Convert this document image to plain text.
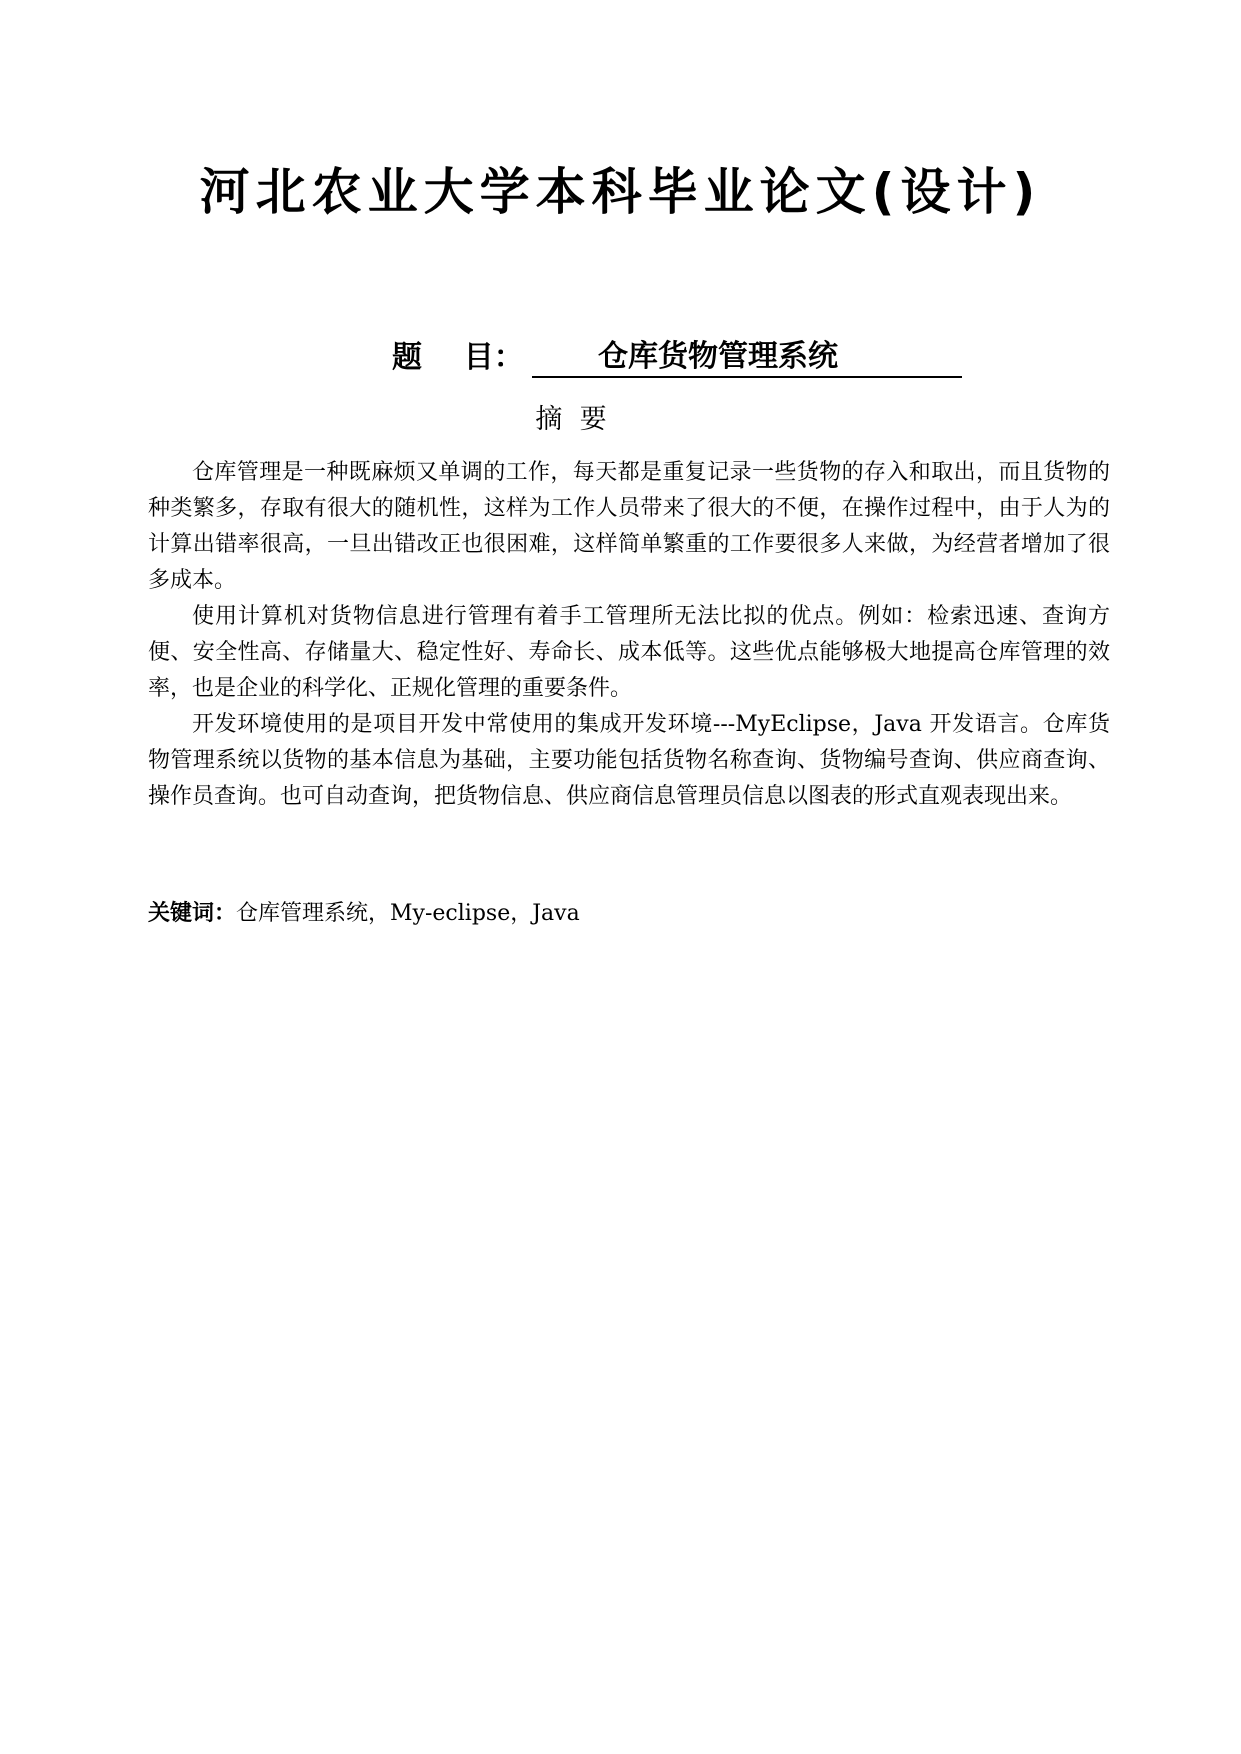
河北农业大学本科毕业论文(设计)
题    目：	仓库货物管理系统
摘  要

仓库管理是一种既麻烦又单调的工作，每天都是重复记录一些货物的存入和取出，而且货物的种类繁多，存取有很大的随机性，这样为工作人员带来了很大的不便，在操作过程中，由于人为的计算出错率很高，一旦出错改正也很困难，这样简单繁重的工作要很多人来做，为经营者增加了很多成本。

使用计算机对货物信息进行管理有着手工管理所无法比拟的优点。例如：检索迅速、查询方便、安全性高、存储量大、稳定性好、寿命长、成本低等。这些优点能够极大地提高仓库管理的效率，也是企业的科学化、正规化管理的重要条件。

开发环境使用的是项目开发中常使用的集成开发环境---MyEclipse，Java 开发语言。仓库货物管理系统以货物的基本信息为基础，主要功能包括货物名称查询、货物编号查询、供应商查询、操作员查询。也可自动查询，把货物信息、供应商信息管理员信息以图表的形式直观表现出来。

关键词：仓库管理系统，My-eclipse，Java
